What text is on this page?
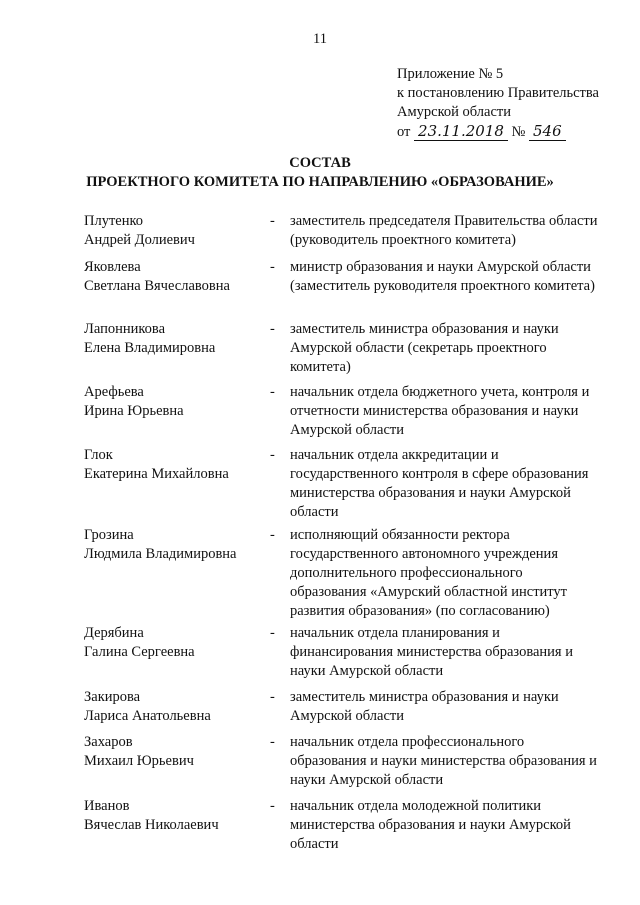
11
Приложение № 5
к постановлению Правительства
Амурской области
от 23.11.2018 № 546
СОСТАВ
ПРОЕКТНОГО КОМИТЕТА ПО НАПРАВЛЕНИЮ «ОБРАЗОВАНИЕ»
Плутенко
Андрей Долиевич
- заместитель председателя Правительства области (руководитель проектного комитета)
Яковлева
Светлана Вячеславовна
- министр образования и науки Амурской области (заместитель руководителя проектного комитета)
Лапонникова
Елена Владимировна
- заместитель министра образования и науки Амурской области (секретарь проектного комитета)
Арефьева
Ирина Юрьевна
- начальник отдела бюджетного учета, контроля и отчетности министерства образования и науки Амурской области
Глок
Екатерина Михайловна
- начальник отдела аккредитации и государственного контроля в сфере образования министерства образования и науки Амурской области
Грозина
Людмила Владимировна
- исполняющий обязанности ректора государственного автономного учреждения дополнительного профессионального образования «Амурский областной институт развития образования» (по согласованию)
Дерябина
Галина Сергеевна
- начальник отдела планирования и финансирования министерства образования и науки Амурской области
Закирова
Лариса Анатольевна
- заместитель министра образования и науки Амурской области
Захаров
Михаил Юрьевич
- начальник отдела профессионального образования и науки министерства образования и науки Амурской области
Иванов
Вячеслав Николаевич
- начальник отдела молодежной политики министерства образования и науки Амурской области
